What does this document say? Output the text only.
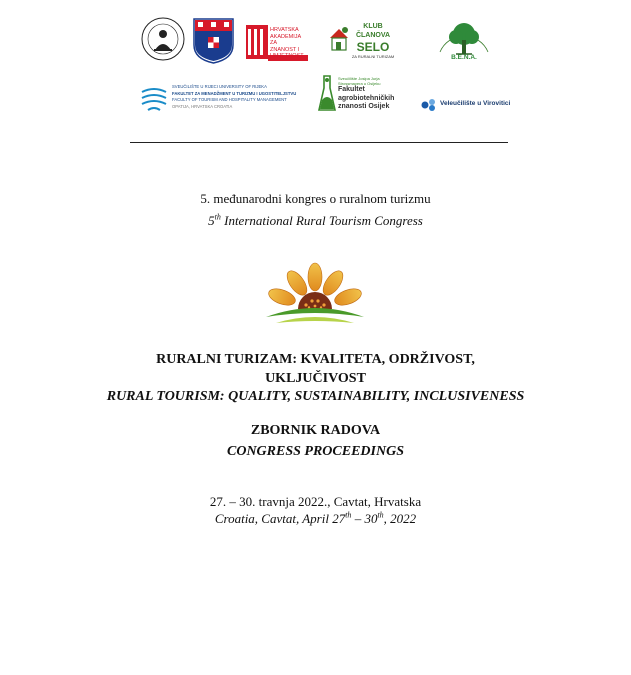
HRVATSKA
AKADEMIJA ZA
ZNANOST I
UMJETNOST
KLUB ČLANOVA
SELO
ZA RURALNI TURIZAM	B.E.N.A.
SVEUČILIŠTE U RIJECI UNIVERSITY OF RIJEKA
FAKULTET ZA MENADŽMENT U TURIZMU I UGOSTITELJSTVU
FACULTY OF TOURISM AND HOSPITALITY MANAGEMENT
OPATIJA, HRVATSKA CROATIA
Sveučilište Josipa Jurja
Strossmayera u Osijeku
Fakultet
agrobiotehničkih
znanosti Osijek	Veleučilište u Virovitici
5. međunarodni kongres o ruralnom turizmu
5th International Rural Tourism Congress
RURALNI TURIZAM: KVALITETA, ODRŽIVOST,
UKLJUČIVOST
RURAL TOURISM: QUALITY, SUSTAINABILITY, INCLUSIVENESS
ZBORNIK RADOVA
CONGRESS PROCEEDINGS
27. – 30. travnja 2022., Cavtat, Hrvatska
Croatia, Cavtat, April 27th – 30th, 2022
